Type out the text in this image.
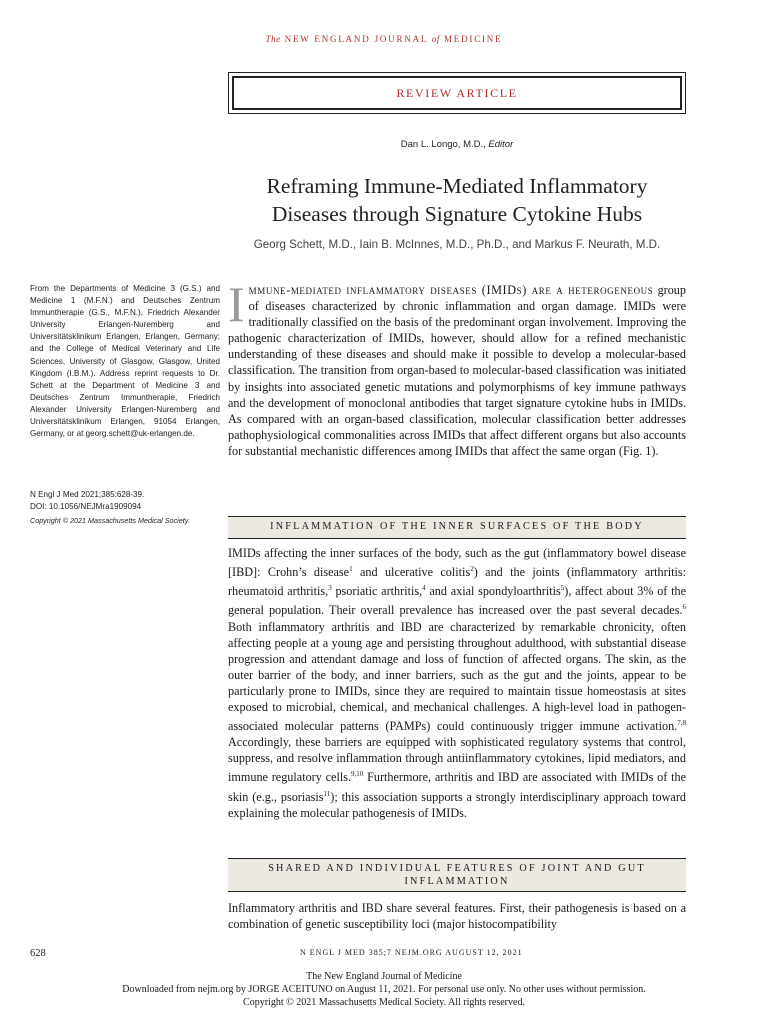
The NEW ENGLAND JOURNAL of MEDICINE
REVIEW ARTICLE
Dan L. Longo, M.D., Editor
Reframing Immune-Mediated Inflammatory Diseases through Signature Cytokine Hubs
Georg Schett, M.D., Iain B. McInnes, M.D., Ph.D., and Markus F. Neurath, M.D.
From the Departments of Medicine 3 (G.S.) and Medicine 1 (M.F.N.) and Deutsches Zentrum Immuntherapie (G.S., M.F.N.), Friedrich Alexander University Erlangen-Nuremberg and Universitätsklinikum Erlangen, Erlangen, Germany; and the College of Medical Veterinary and Life Sciences, University of Glasgow, Glasgow, United Kingdom (I.B.M.). Address reprint requests to Dr. Schett at the Department of Medicine 3 and Deutsches Zentrum Immuntherapie, Friedrich Alexander University Erlangen-Nuremberg and Universitätsklinikum Erlangen, 91054 Erlangen, Germany, or at georg.schett@uk-erlangen.de.
N Engl J Med 2021;385:628-39.
DOI: 10.1056/NEJMra1909094
Copyright © 2021 Massachusetts Medical Society.
Immune-mediated inflammatory diseases (IMIDs) are a heterogeneous group of diseases characterized by chronic inflammation and organ damage. IMIDs were traditionally classified on the basis of the predominant organ involvement. Improving the pathogenic characterization of IMIDs, however, should allow for a refined mechanistic understanding of these diseases and should make it possible to develop a molecular-based classification. The transition from organ-based to molecular-based classification was initiated by insights into associated genetic mutations and polymorphisms of key immune pathways and the development of monoclonal antibodies that target signature cytokine hubs in IMIDs. As compared with an organ-based classification, molecular classification better addresses pathophysiological commonalities across IMIDs that affect different organs but also accounts for substantial mechanistic differences among IMIDs that affect the same organ (Fig. 1).
INFLAMMATION OF THE INNER SURFACES OF THE BODY
IMIDs affecting the inner surfaces of the body, such as the gut (inflammatory bowel disease [IBD]: Crohn’s disease$^1$ and ulcerative colitis$^2$) and the joints (inflammatory arthritis: rheumatoid arthritis,$^3$ psoriatic arthritis,$^4$ and axial spondyloarthritis$^5$), affect about 3% of the general population. Their overall prevalence has increased over the past several decades.$^6$ Both inflammatory arthritis and IBD are characterized by remarkable chronicity, often affecting people at a young age and persisting throughout adulthood, with substantial disease progression and attendant damage and loss of function of affected organs. The skin, as the outer barrier of the body, and inner barriers, such as the gut and the joints, appear to be particularly prone to IMIDs, since they are required to maintain tissue homeostasis at sites exposed to microbial, chemical, and mechanical challenges. A high-level load in pathogen-associated molecular patterns (PAMPs) could continuously trigger immune activation.$^{7,8}$ Accordingly, these barriers are equipped with sophisticated regulatory systems that control, suppress, and resolve inflammation through antiinflammatory cytokines, lipid mediators, and immune regulatory cells.$^{9,10}$ Furthermore, arthritis and IBD are associated with IMIDs of the skin (e.g., psoriasis$^{11}$); this association supports a strongly interdisciplinary approach toward explaining the molecular pathogenesis of IMIDs.
SHARED AND INDIVIDUAL FEATURES OF JOINT AND GUT INFLAMMATION
Inflammatory arthritis and IBD share several features. First, their pathogenesis is based on a combination of genetic susceptibility loci (major histocompatibility
628	N ENGL J MED 385;7 NEJM.ORG AUGUST 12, 2021
The New England Journal of Medicine
Downloaded from nejm.org by JORGE ACEITUNO on August 11, 2021. For personal use only. No other uses without permission.
Copyright © 2021 Massachusetts Medical Society. All rights reserved.
